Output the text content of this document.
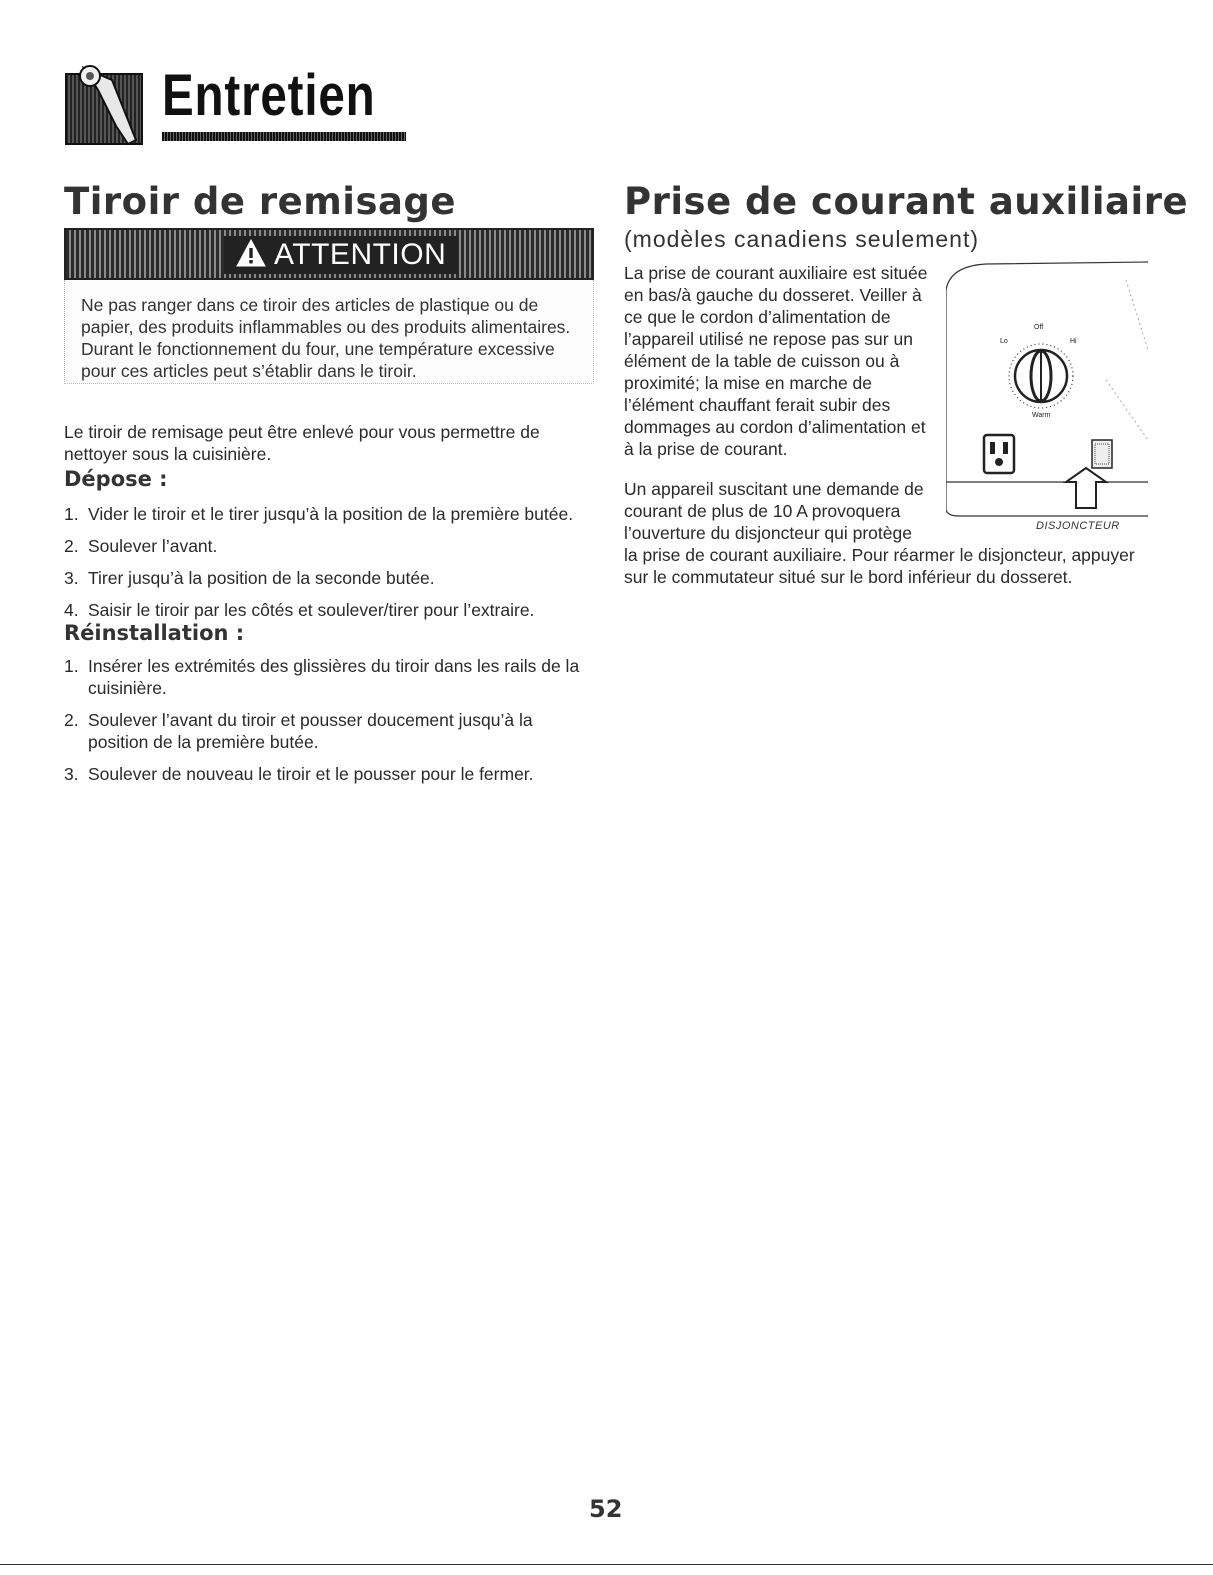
Entretien
Tiroir de remisage
ATTENTION
Ne pas ranger dans ce tiroir des articles de plastique ou de
papier, des produits inflammables ou des produits alimentaires.
Durant le fonctionnement du four, une température excessive
pour ces articles peut s’établir dans le tiroir.
Le tiroir de remisage peut être enlevé pour vous permettre de
nettoyer sous la cuisinière.
Dépose :
1. Vider le tiroir et le tirer jusqu’à la position de la première butée.
2. Soulever l’avant.
3. Tirer jusqu’à la position de la seconde butée.
4. Saisir le tiroir par les côtés et soulever/tirer pour l’extraire.
Réinstallation :
1. Insérer les extrémités des glissières du tiroir dans les rails de la
cuisinière.
2. Soulever l’avant du tiroir et pousser doucement jusqu’à la
position de la première butée.
3. Soulever de nouveau le tiroir et le pousser pour le fermer.
Prise de courant auxiliaire
(modèles canadiens seulement)
La prise de courant auxiliaire est située
en bas/à gauche du dosseret. Veiller à
ce que le cordon d’alimentation de
l’appareil utilisé ne repose pas sur un
élément de la table de cuisson ou à
proximité; la mise en marche de
l’élément chauffant ferait subir des
dommages au cordon d’alimentation et
à la prise de courant.
Un appareil suscitant une demande de
courant de plus de 10 A provoquera
l’ouverture du disjoncteur qui protège
la prise de courant auxiliaire. Pour réarmer le disjoncteur, appuyer
sur le commutateur situé sur le bord inférieur du dosseret.
Off
Lo	Hi
Warm
DISJONCTEUR
52
